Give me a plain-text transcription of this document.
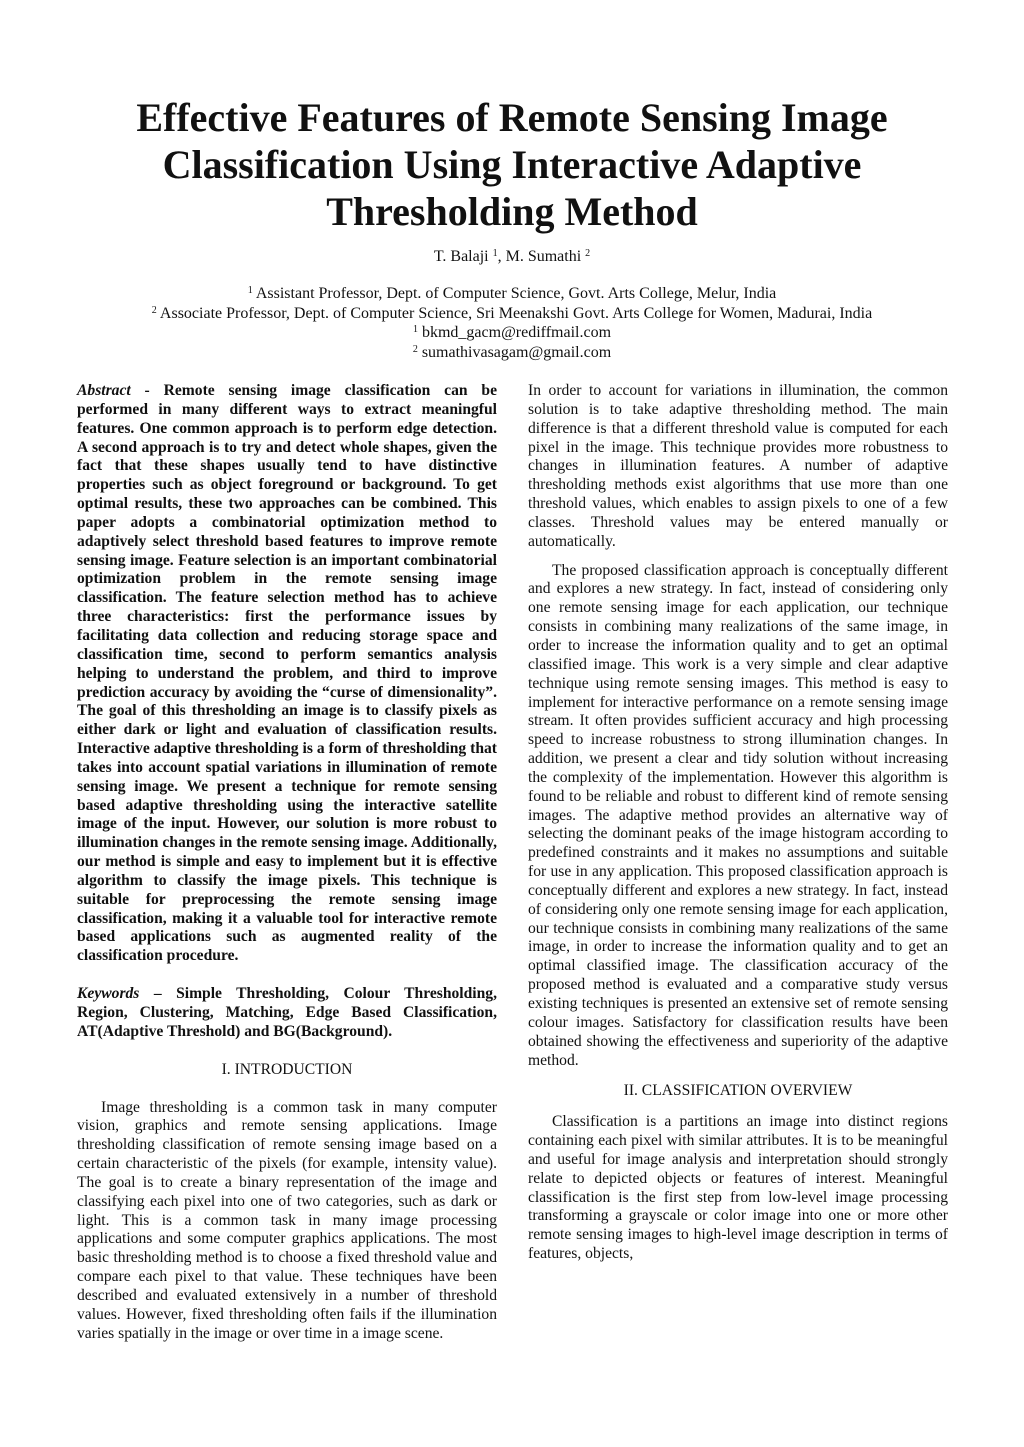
Effective Features of Remote Sensing Image Classification Using Interactive Adaptive Thresholding Method
T. Balaji $^1$, M. Sumathi $^2$
$^1$ Assistant Professor, Dept. of Computer Science, Govt. Arts College, Melur, India
$^2$ Associate Professor, Dept. of Computer Science, Sri Meenakshi Govt. Arts College for Women, Madurai, India
$^1$ bkmd_gacm@rediffmail.com
$^2$ sumathivasagam@gmail.com

Abstract - Remote sensing image classification can be performed in many different ways to extract meaningful features. One common approach is to perform edge detection. A second approach is to try and detect whole shapes, given the fact that these shapes usually tend to have distinctive properties such as object foreground or background. To get optimal results, these two approaches can be combined. This paper adopts a combinatorial optimization method to adaptively select threshold based features to improve remote sensing image. Feature selection is an important combinatorial optimization problem in the remote sensing image classification. The feature selection method has to achieve three characteristics: first the performance issues by facilitating data collection and reducing storage space and classification time, second to perform semantics analysis helping to understand the problem, and third to improve prediction accuracy by avoiding the “curse of dimensionality”. The goal of this thresholding an image is to classify pixels as either dark or light and evaluation of classification results. Interactive adaptive thresholding is a form of thresholding that takes into account spatial variations in illumination of remote sensing image. We present a technique for remote sensing based adaptive thresholding using the interactive satellite image of the input. However, our solution is more robust to illumination changes in the remote sensing image. Additionally, our method is simple and easy to implement but it is effective algorithm to classify the image pixels. This technique is suitable for preprocessing the remote sensing image classification, making it a valuable tool for interactive remote based applications such as augmented reality of the classification procedure.

Keywords – Simple Thresholding, Colour Thresholding, Region, Clustering, Matching, Edge Based Classification, AT(Adaptive Threshold) and BG(Background).

I. INTRODUCTION

Image thresholding is a common task in many computer vision, graphics and remote sensing applications. Image thresholding classification of remote sensing image based on a certain characteristic of the pixels (for example, intensity value). The goal is to create a binary representation of the image and classifying each pixel into one of two categories, such as dark or light. This is a common task in many image processing applications and some computer graphics applications. The most basic thresholding method is to choose a fixed threshold value and compare each pixel to that value. These techniques have been described and evaluated extensively in a number of threshold values. However, fixed thresholding often fails if the illumination varies spatially in the image or over time in a image scene.

In order to account for variations in illumination, the common solution is to take adaptive thresholding method. The main difference is that a different threshold value is computed for each pixel in the image. This technique provides more robustness to changes in illumination features. A number of adaptive thresholding methods exist algorithms that use more than one threshold values, which enables to assign pixels to one of a few classes. Threshold values may be entered manually or automatically.

The proposed classification approach is conceptually different and explores a new strategy. In fact, instead of considering only one remote sensing image for each application, our technique consists in combining many realizations of the same image, in order to increase the information quality and to get an optimal classified image. This work is a very simple and clear adaptive technique using remote sensing images. This method is easy to implement for interactive performance on a remote sensing image stream. It often provides sufficient accuracy and high processing speed to increase robustness to strong illumination changes. In addition, we present a clear and tidy solution without increasing the complexity of the implementation. However this algorithm is found to be reliable and robust to different kind of remote sensing images. The adaptive method provides an alternative way of selecting the dominant peaks of the image histogram according to predefined constraints and it makes no assumptions and suitable for use in any application. This proposed classification approach is conceptually different and explores a new strategy. In fact, instead of considering only one remote sensing image for each application, our technique consists in combining many realizations of the same image, in order to increase the information quality and to get an optimal classified image. The classification accuracy of the proposed method is evaluated and a comparative study versus existing techniques is presented an extensive set of remote sensing colour images. Satisfactory for classification results have been obtained showing the effectiveness and superiority of the adaptive method.

II. CLASSIFICATION OVERVIEW

Classification is a partitions an image into distinct regions containing each pixel with similar attributes. It is to be meaningful and useful for image analysis and interpretation should strongly relate to depicted objects or features of interest. Meaningful classification is the first step from low-level image processing transforming a grayscale or color image into one or more other remote sensing images to high-level image description in terms of features, objects,
